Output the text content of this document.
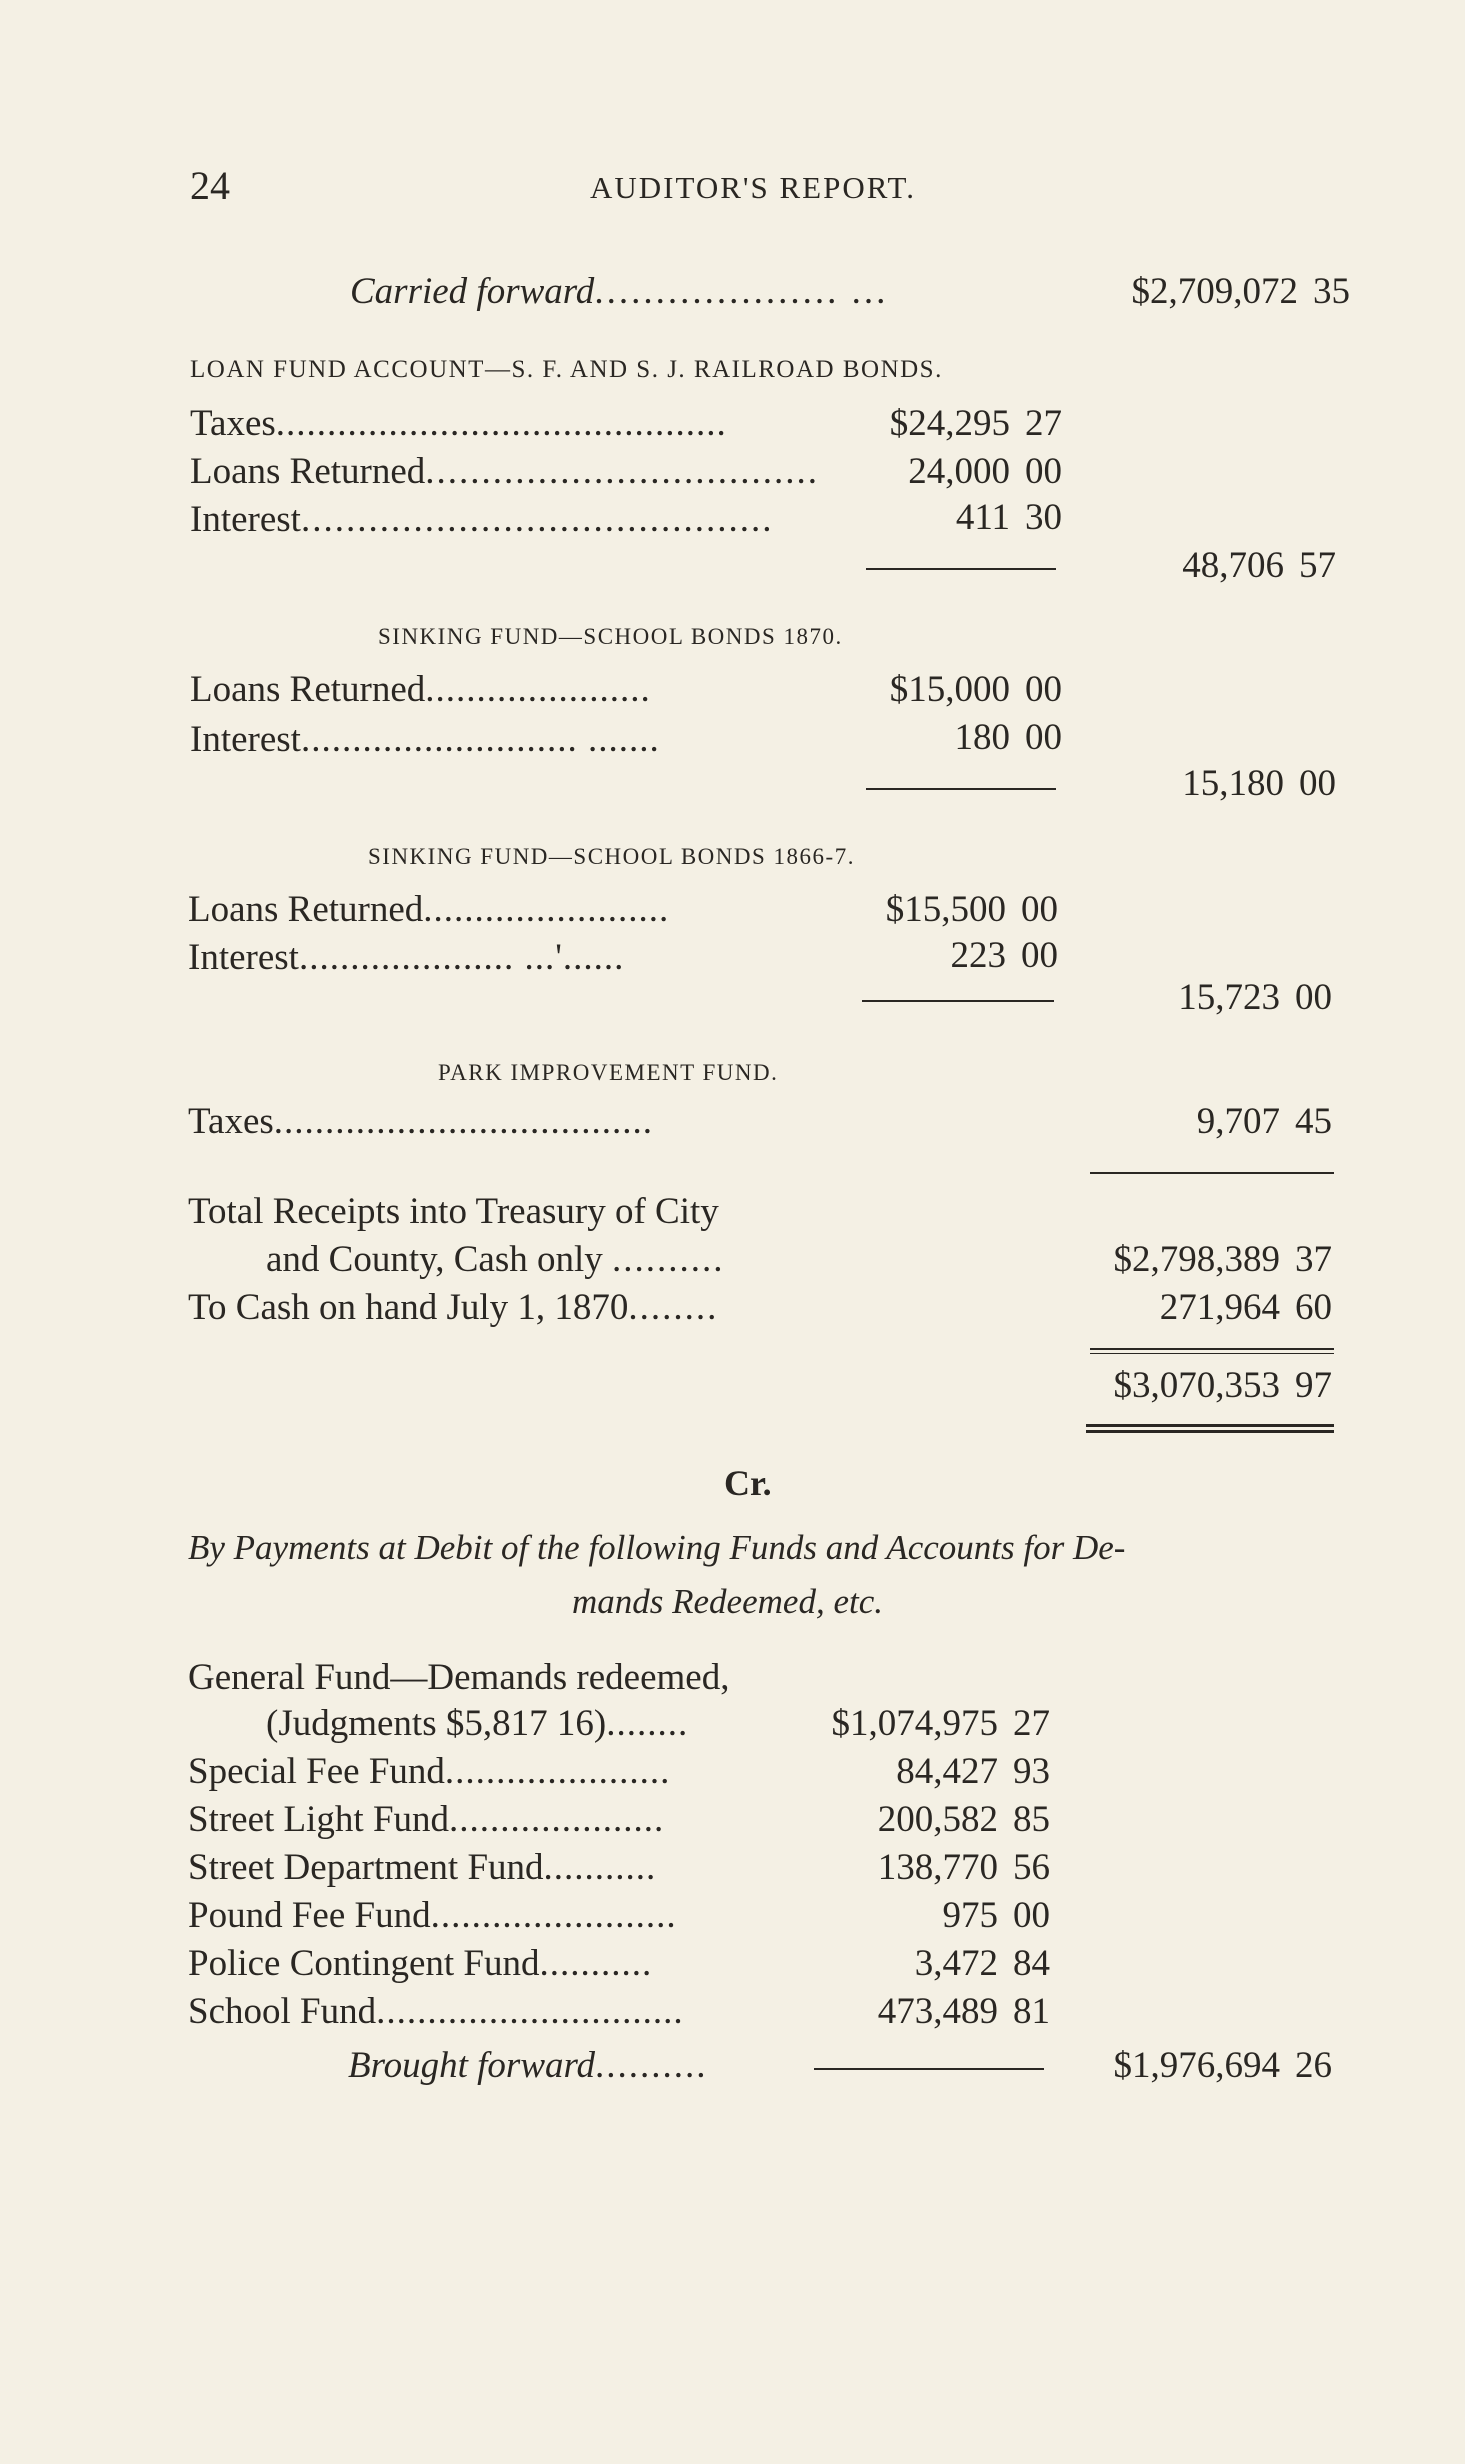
24	AUDITOR'S REPORT.
Carried forward.................... ...	$2,709,072 35
LOAN FUND ACCOUNT—S. F. AND S. J. RAILROAD BONDS.
Taxes............................................	$24,295 27
Loans Returned...................................	24,000 00
Interest..........................................	411 30
48,706 57
SINKING FUND—SCHOOL BONDS 1870.
Loans Returned......................	$15,000 00
Interest........................... .......	180 00
15,180 00
SINKING FUND—SCHOOL BONDS 1866-7.
Loans Returned........................	$15,500 00
Interest..................... ...'......	223 00
15,723 00
PARK IMPROVEMENT FUND.
Taxes.....................................	9,707 45
Total Receipts into Treasury of City
and County, Cash only ..........	$2,798,389 37
To Cash on hand July 1, 1870........	271,964 60
$3,070,353 97
Cr.
By Payments at Debit of the following Funds and Accounts for De-
mands Redeemed, etc.
General Fund—Demands redeemed,
(Judgments $5,817 16)........	$1,074,975 27
Special Fee Fund......................	84,427 93
Street Light Fund.....................	200,582 85
Street Department Fund...........	138,770 56
Pound Fee Fund........................	975 00
Police Contingent Fund...........	3,472 84
School Fund..............................	473,489 81
Brought forward..........	$1,976,694 26
